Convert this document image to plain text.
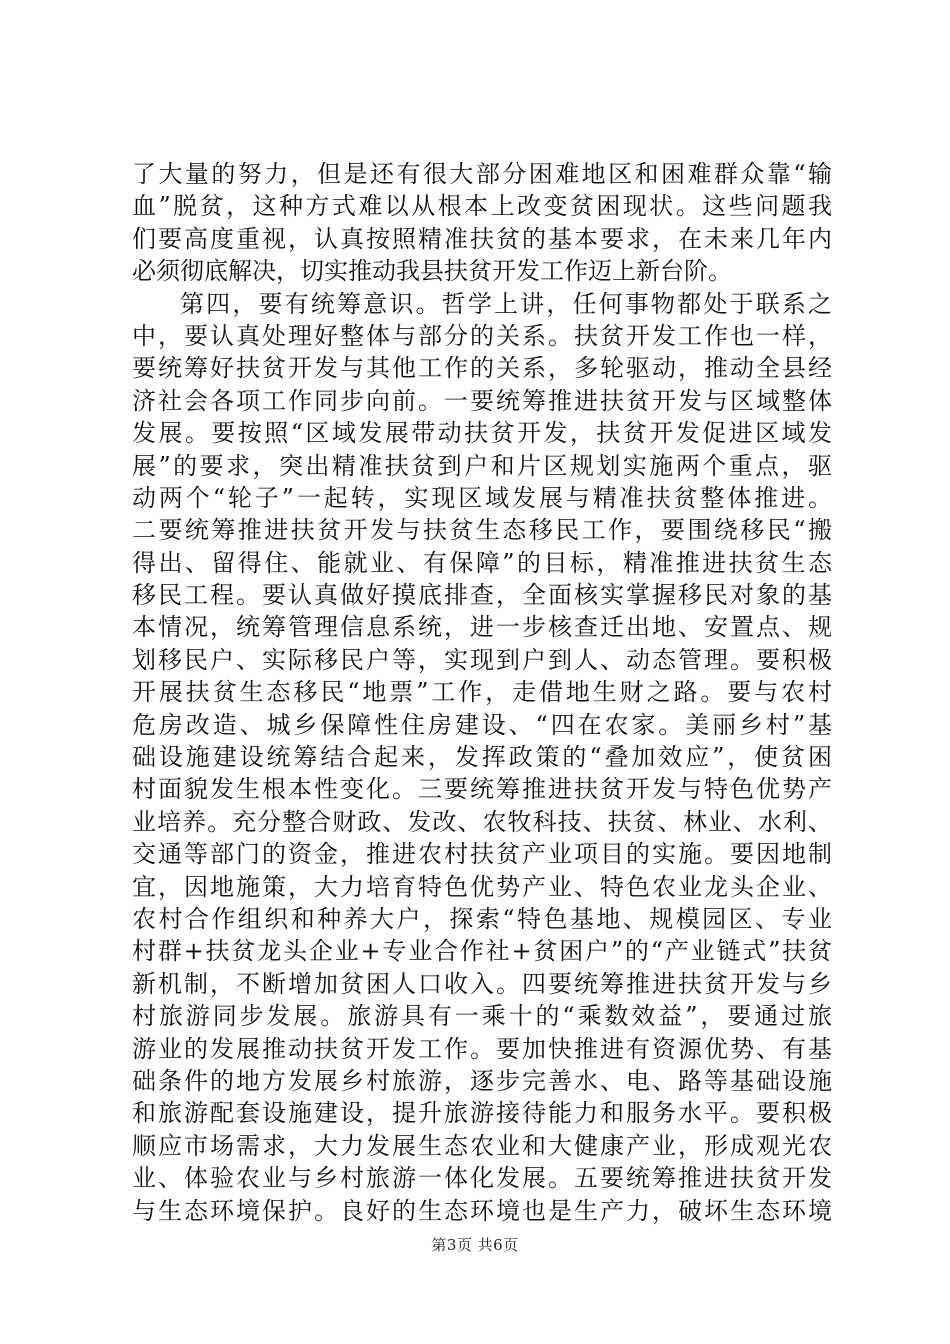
了大量的努力，但是还有很大部分困难地区和困难群众靠“输
血”脱贫，这种方式难以从根本上改变贫困现状。这些问题我
们要高度重视，认真按照精准扶贫的基本要求，在未来几年内
必须彻底解决，切实推动我县扶贫开发工作迈上新台阶。
第四，要有统筹意识。哲学上讲，任何事物都处于联系之
中，要认真处理好整体与部分的关系。扶贫开发工作也一样，
要统筹好扶贫开发与其他工作的关系，多轮驱动，推动全县经
济社会各项工作同步向前。一要统筹推进扶贫开发与区域整体
发展。要按照“区域发展带动扶贫开发，扶贫开发促进区域发
展”的要求，突出精准扶贫到户和片区规划实施两个重点，驱
动两个“轮子”一起转，实现区域发展与精准扶贫整体推进。
二要统筹推进扶贫开发与扶贫生态移民工作，要围绕移民“搬
得出、留得住、能就业、有保障”的目标，精准推进扶贫生态
移民工程。要认真做好摸底排查，全面核实掌握移民对象的基
本情况，统筹管理信息系统，进一步核查迁出地、安置点、规
划移民户、实际移民户等，实现到户到人、动态管理。要积极
开展扶贫生态移民“地票”工作，走借地生财之路。要与农村
危房改造、城乡保障性住房建设、“四在农家。美丽乡村”基
础设施建设统筹结合起来，发挥政策的“叠加效应”，使贫困
村面貌发生根本性变化。三要统筹推进扶贫开发与特色优势产
业培养。充分整合财政、发改、农牧科技、扶贫、林业、水利、
交通等部门的资金，推进农村扶贫产业项目的实施。要因地制
宜，因地施策，大力培育特色优势产业、特色农业龙头企业、
农村合作组织和种养大户，探索“特色基地、规模园区、专业
村群+扶贫龙头企业+专业合作社+贫困户”的“产业链式”扶贫
新机制，不断增加贫困人口收入。四要统筹推进扶贫开发与乡
村旅游同步发展。旅游具有一乘十的“乘数效益”，要通过旅
游业的发展推动扶贫开发工作。要加快推进有资源优势、有基
础条件的地方发展乡村旅游，逐步完善水、电、路等基础设施
和旅游配套设施建设，提升旅游接待能力和服务水平。要积极
顺应市场需求，大力发展生态农业和大健康产业，形成观光农
业、体验农业与乡村旅游一体化发展。五要统筹推进扶贫开发
与生态环境保护。良好的生态环境也是生产力，破坏生态环境
第3页 共6页
